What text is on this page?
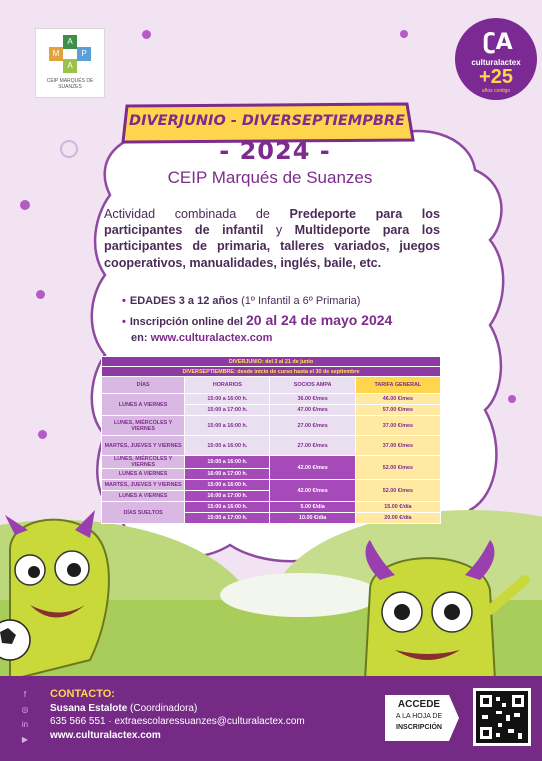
A
M	P
A
CEIP MARQUÉS DE SUANZES
ʗA
culturalactex
+25
años contigo
DIVERJUNIO - DIVERSEPTIEMPBRE
- 2024 -
CEIP Marqués de Suanzes
Actividad combinada de Predeporte para los participantes de infantil y Multideporte para los participantes de primaria, talleres variados, juegos cooperativos, manualidades, inglés, baile, etc.
• EDADES 3 a 12 años (1º Infantil a 6º Primaria)
• Inscripción online del 20 al 24 de mayo 2024
en: www.culturalactex.com
DIVERJUNIO: del 3 al 21 de junio			
DIVERSEPTIEMBRE: desde inicio de curso hasta el 30 de septiembre			
DÍAS	HORARIOS	SOCIOS AMPA	TARIFA GENERAL
LUNES A VIERNES	15:00 a 16:00 h.	36.00 €/mes	46.00 €/mes
	15:00 a 17:00 h.	47.00 €/mes	57.00 €/mes
LUNES, MIÉRCOLES Y VIERNES	15:00 a 16:00 h.	27.00 €/mes	37.00 €/mes
MARTES, JUEVES Y VIERNES	15:00 a 16:00 h.	27.00 €/mes	37.00 €/mes
LUNES, MIÉRCOLES Y VIERNES	15:00 a 16:00 h.	42.00 €/mes	52.00 €/mes
LUNES A VIERNES	16:00 a 17:00 h.		
MARTES, JUEVES Y VIERNES	15:00 a 16:00 h.	42.00 €/mes	52.00 €/mes
LUNES A VIERNES	16:00 a 17:00 h.		
DÍAS SUELTOS	15:00 a 16:00 h.	5.00 €/día	15.00 €/día
	15:00 a 17:00 h.	10.00 €/día	20.00 €/día
f
◎
in
▶
CONTACTO:
Susana Estalote (Coordinadora)
635 566 551 · extraescolaressuanzes@culturalactex.com
www.culturalactex.com
ACCEDE
A LA HOJA DE
INSCRIPCIÓN
